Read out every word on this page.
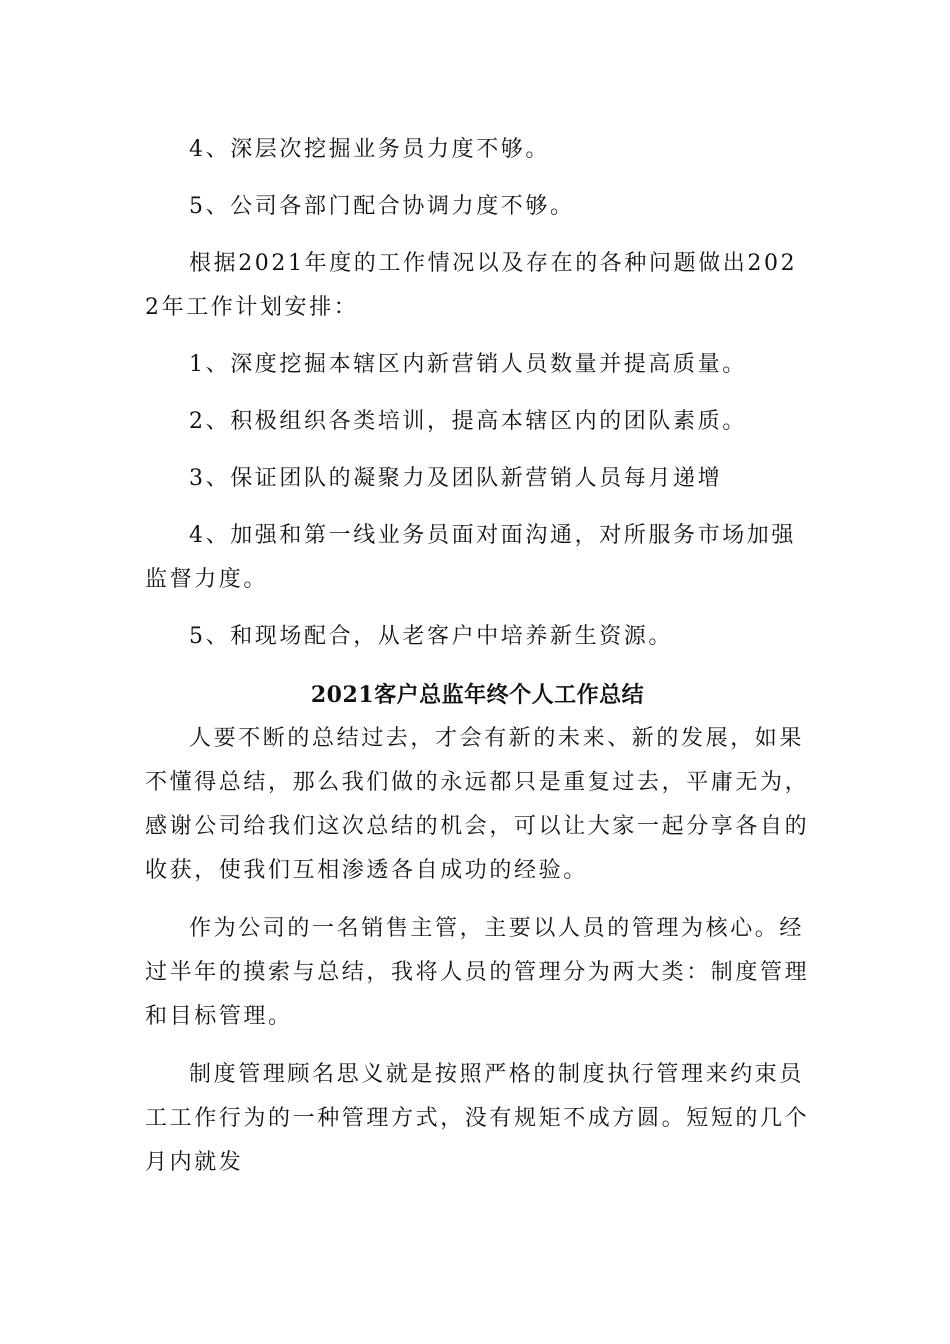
4、深层次挖掘业务员力度不够。

5、公司各部门配合协调力度不够。

根据2021年度的工作情况以及存在的各种问题做出2022年工作计划安排：

1、深度挖掘本辖区内新营销人员数量并提高质量。

2、积极组织各类培训，提高本辖区内的团队素质。

3、保证团队的凝聚力及团队新营销人员每月递增

4、加强和第一线业务员面对面沟通，对所服务市场加强监督力度。

5、和现场配合，从老客户中培养新生资源。

2021客户总监年终个人工作总结

人要不断的总结过去，才会有新的未来、新的发展，如果不懂得总结，那么我们做的永远都只是重复过去，平庸无为，感谢公司给我们这次总结的机会，可以让大家一起分享各自的收获，使我们互相渗透各自成功的经验。

作为公司的一名销售主管，主要以人员的管理为核心。经过半年的摸索与总结，我将人员的管理分为两大类：制度管理和目标管理。

制度管理顾名思义就是按照严格的制度执行管理来约束员工工作行为的一种管理方式，没有规矩不成方圆。短短的几个月内就发
